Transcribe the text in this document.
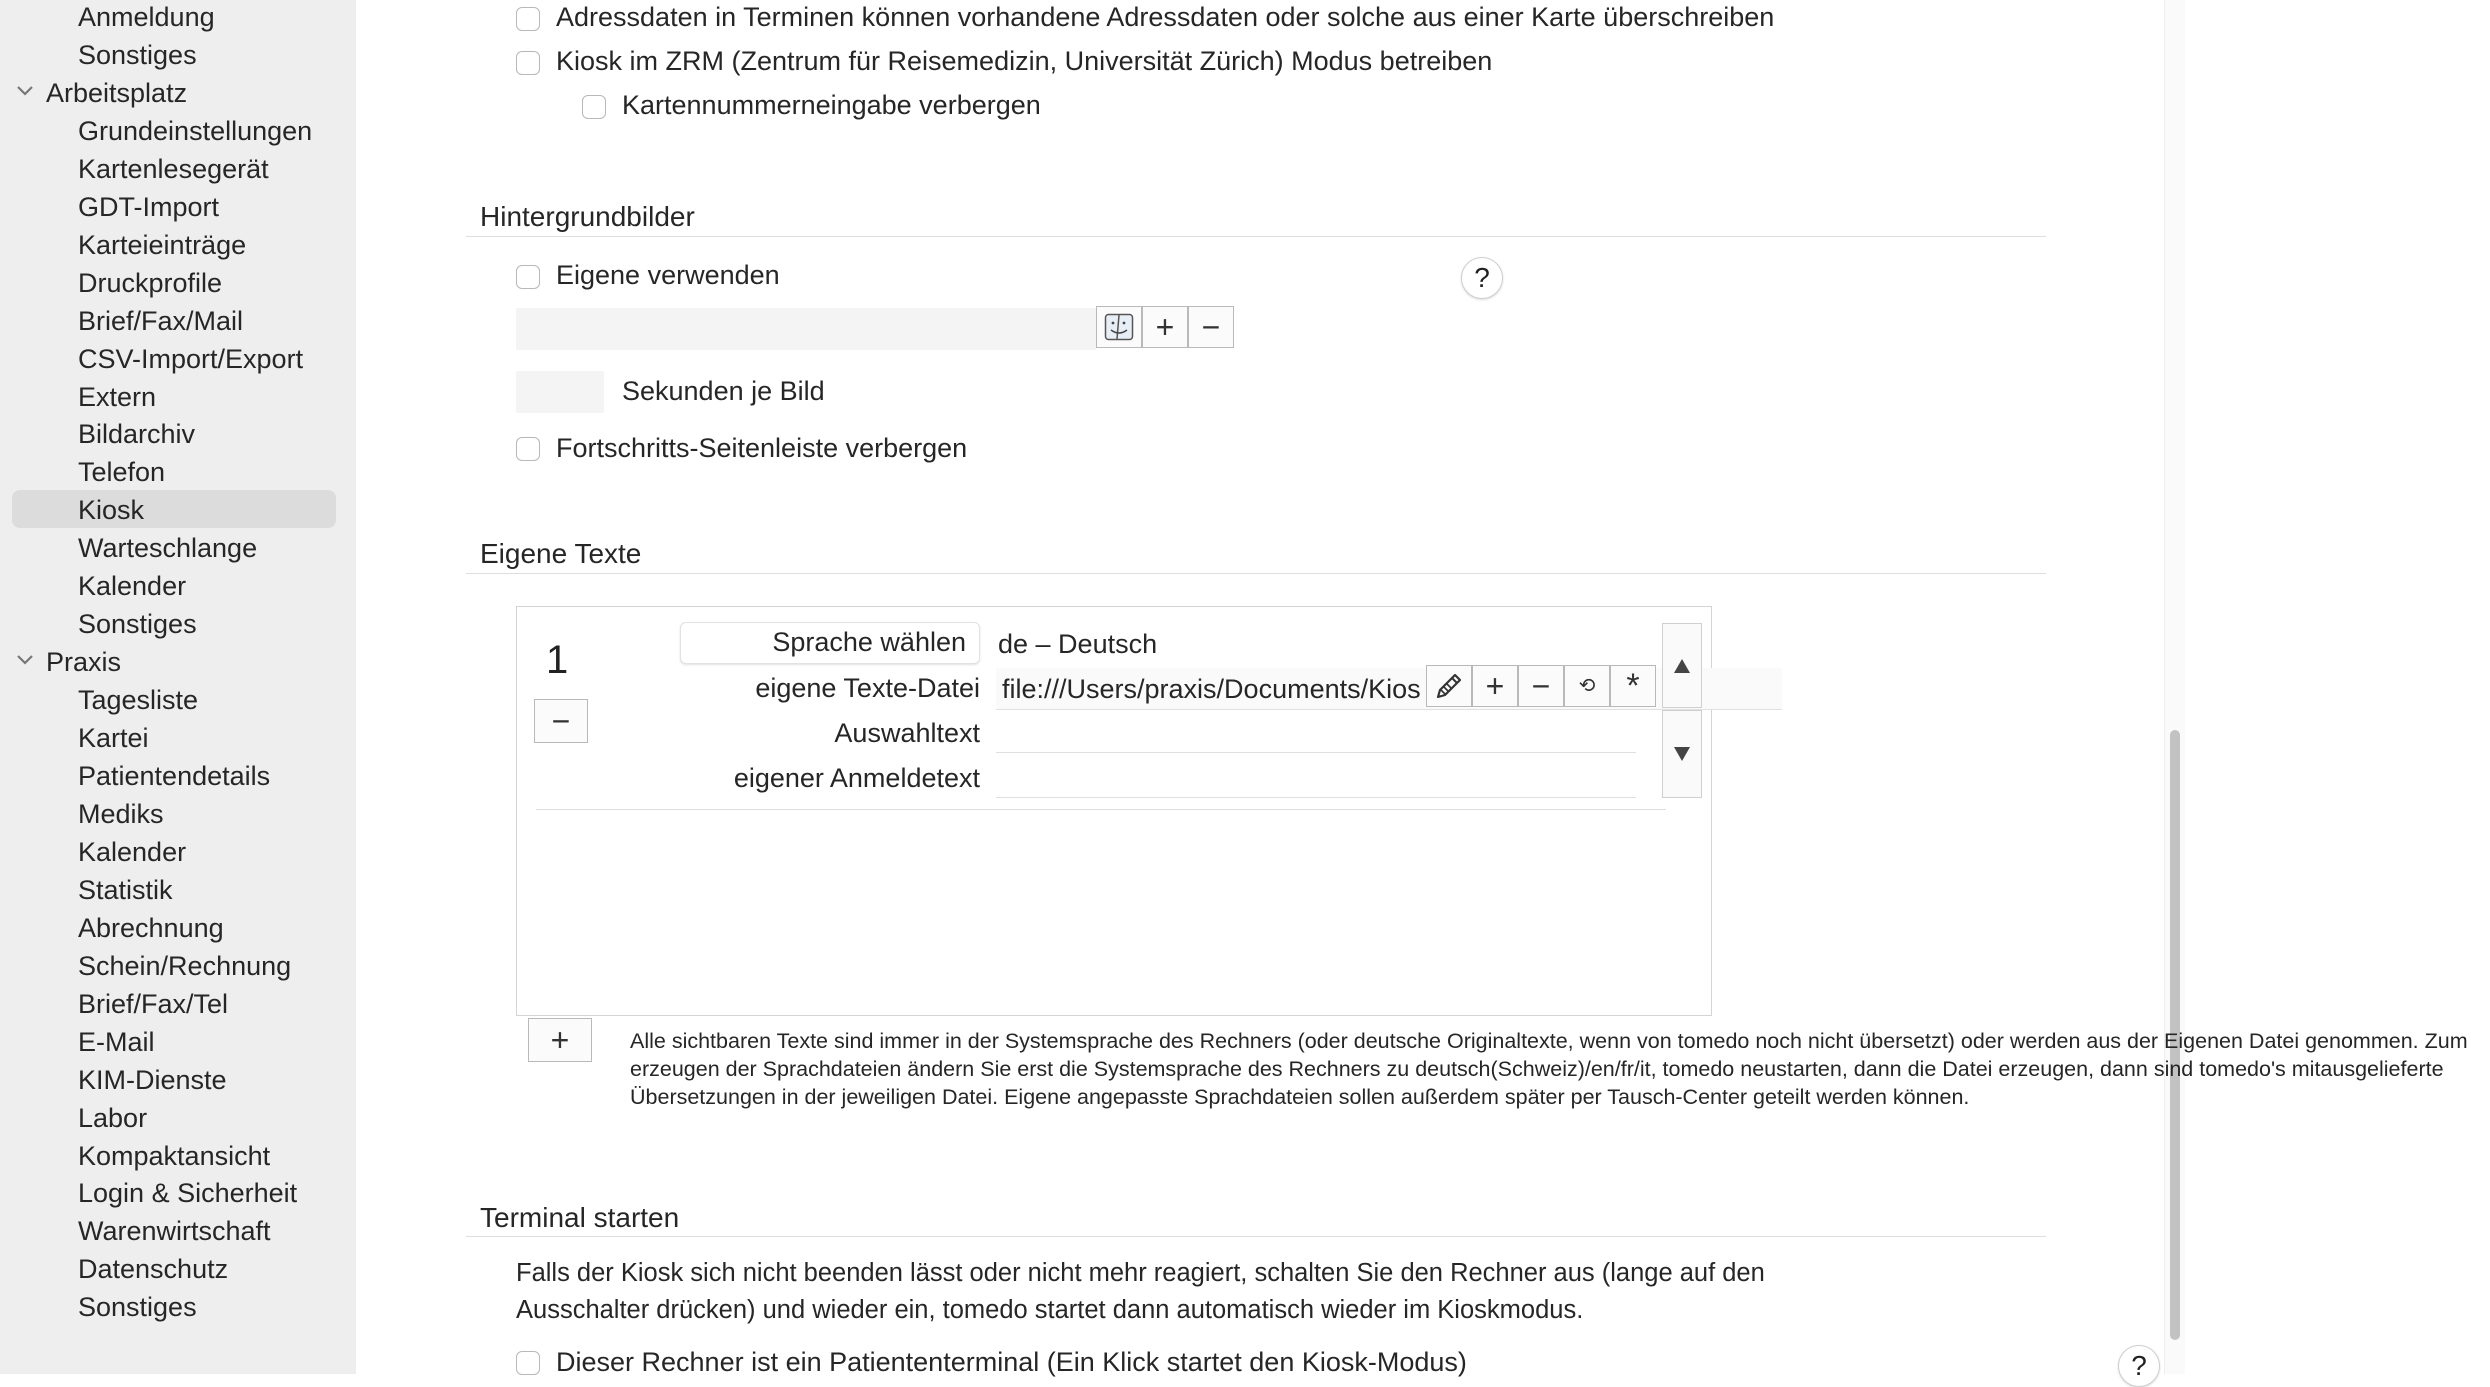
Anmeldung
Sonstiges
Arbeitsplatz
Grundeinstellungen
Kartenlesegerät
GDT-Import
Karteieinträge
Druckprofile
Brief/Fax/Mail
CSV-Import/Export
Extern
Bildarchiv
Telefon
Kiosk
Warteschlange
Kalender
Sonstiges
Praxis
Tagesliste
Kartei
Patientendetails
Mediks
Kalender
Statistik
Abrechnung
Schein/Rechnung
Brief/Fax/Tel
E-Mail
KIM-Dienste
Labor
Kompaktansicht
Login & Sicherheit
Warenwirtschaft
Datenschutz
Sonstiges
Adressdaten in Terminen können vorhandene Adressdaten oder solche aus einer Karte überschreiben
Kiosk im ZRM (Zentrum für Reisemedizin, Universität Zürich) Modus betreiben
Kartennummerneingabe verbergen
Hintergrundbilder
Eigene verwenden	?
+ −
Sekunden je Bild
Fortschritts-Seitenleiste verbergen
Eigene Texte
1
−
Sprache wählen de – Deutsch
eigene Texte-Datei file:///Users/praxis/Documents/Kios	+ −	⟲ *
Auswahltext
eigener Anmeldetext
+	Alle sichtbaren Texte sind immer in der Systemsprache des Rechners (oder deutsche Originaltexte, wenn von tomedo noch nicht übersetzt) oder werden aus der Eigenen Datei genommen. Zum erzeugen der Sprachdateien ändern Sie erst die Systemsprache des Rechners zu deutsch(Schweiz)/en/fr/it, tomedo neustarten, dann die Datei erzeugen, dann sind tomedo's mitausgelieferte Übersetzungen in der jeweiligen Datei. Eigene angepasste Sprachdateien sollen außerdem später per Tausch-Center geteilt werden können.
Terminal starten
Falls der Kiosk sich nicht beenden lässt oder nicht mehr reagiert, schalten Sie den Rechner aus (lange auf den Ausschalter drücken) und wieder ein, tomedo startet dann automatisch wieder im Kioskmodus.
Dieser Rechner ist ein Patiententerminal (Ein Klick startet den Kiosk-Modus)	?
